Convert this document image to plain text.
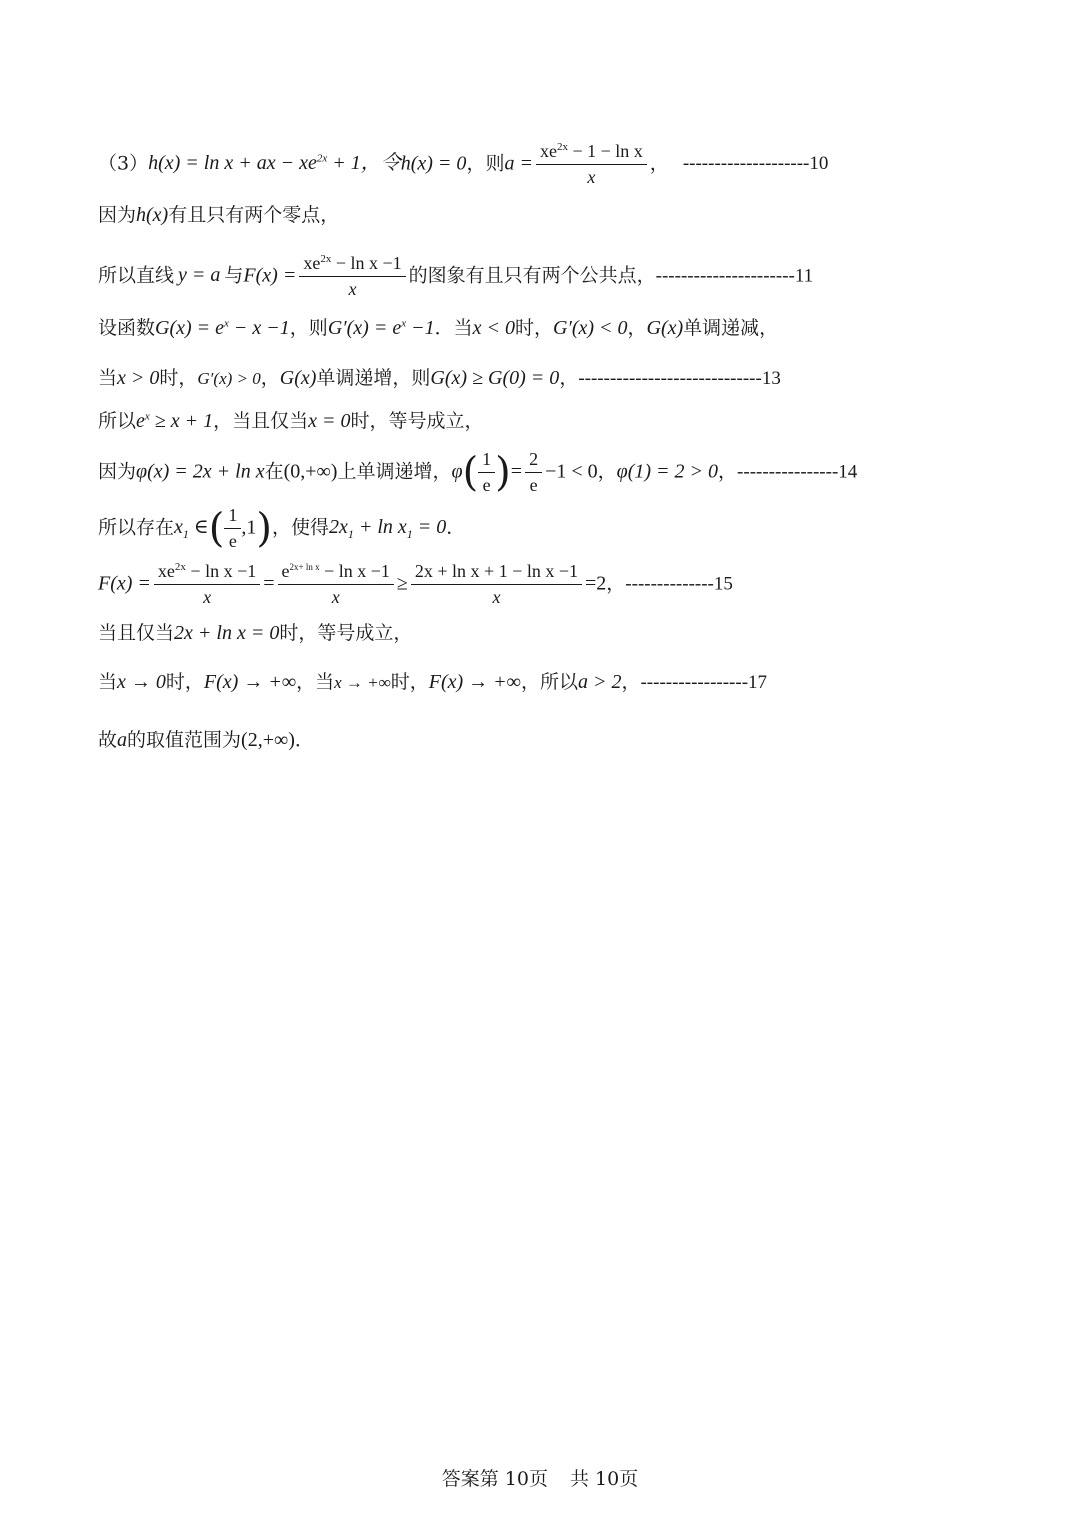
（3）h(x) = ln x + ax − $xe^{2x} + 1$，令h(x) = 0，则$a = \frac{xe^{2x} - 1 - \ln x}{x}$ ， --------------------10
因为h(x)有且只有两个零点，
所以直线 y = a 与$F(x) = \frac{xe^{2x} - \ln x -1}{x}$ 的图象有且只有两个公共点，----------------------11
设函数$G(x) = e^x - x -1$，则$G'(x) = e^x -1$．当x < 0时，G′(x) < 0，G(x)单调递减，
当x > 0时，G′(x) > 0，G(x)单调递增，则G(x) ≥ G(0) = 0，-----------------------------13
所以$e^x \ge x + 1$，当且仅当x = 0时，等号成立，
因为φ(x) = 2x + ln x在(0,+∞)上单调递增，$\varphi( \frac{1}{e}$ )= $\frac{2}{e} -1 < 0$，φ(1) = 2 > 0，----------------14
所以存在$x_1$ ∈( $\frac{1}{e} ,1$)，使得$2x_1 + \ln x_1 = 0$．
$F(x) = \frac{xe^{2x} - \ln x -1}{x} = \frac{e^{2x+ ln x} - \ln x -1}{x} \ge \frac{\text{2x + ln x + 1 − ln x −1}}{x} =2$，--------------15
当且仅当2x + ln x = 0时，等号成立，
当x → 0时，F(x) → +∞，当x → +∞时，F(x) → +∞，所以a > 2，-----------------17
故a的取值范围为(2,+∞)．
答案第 10页 共 10页
